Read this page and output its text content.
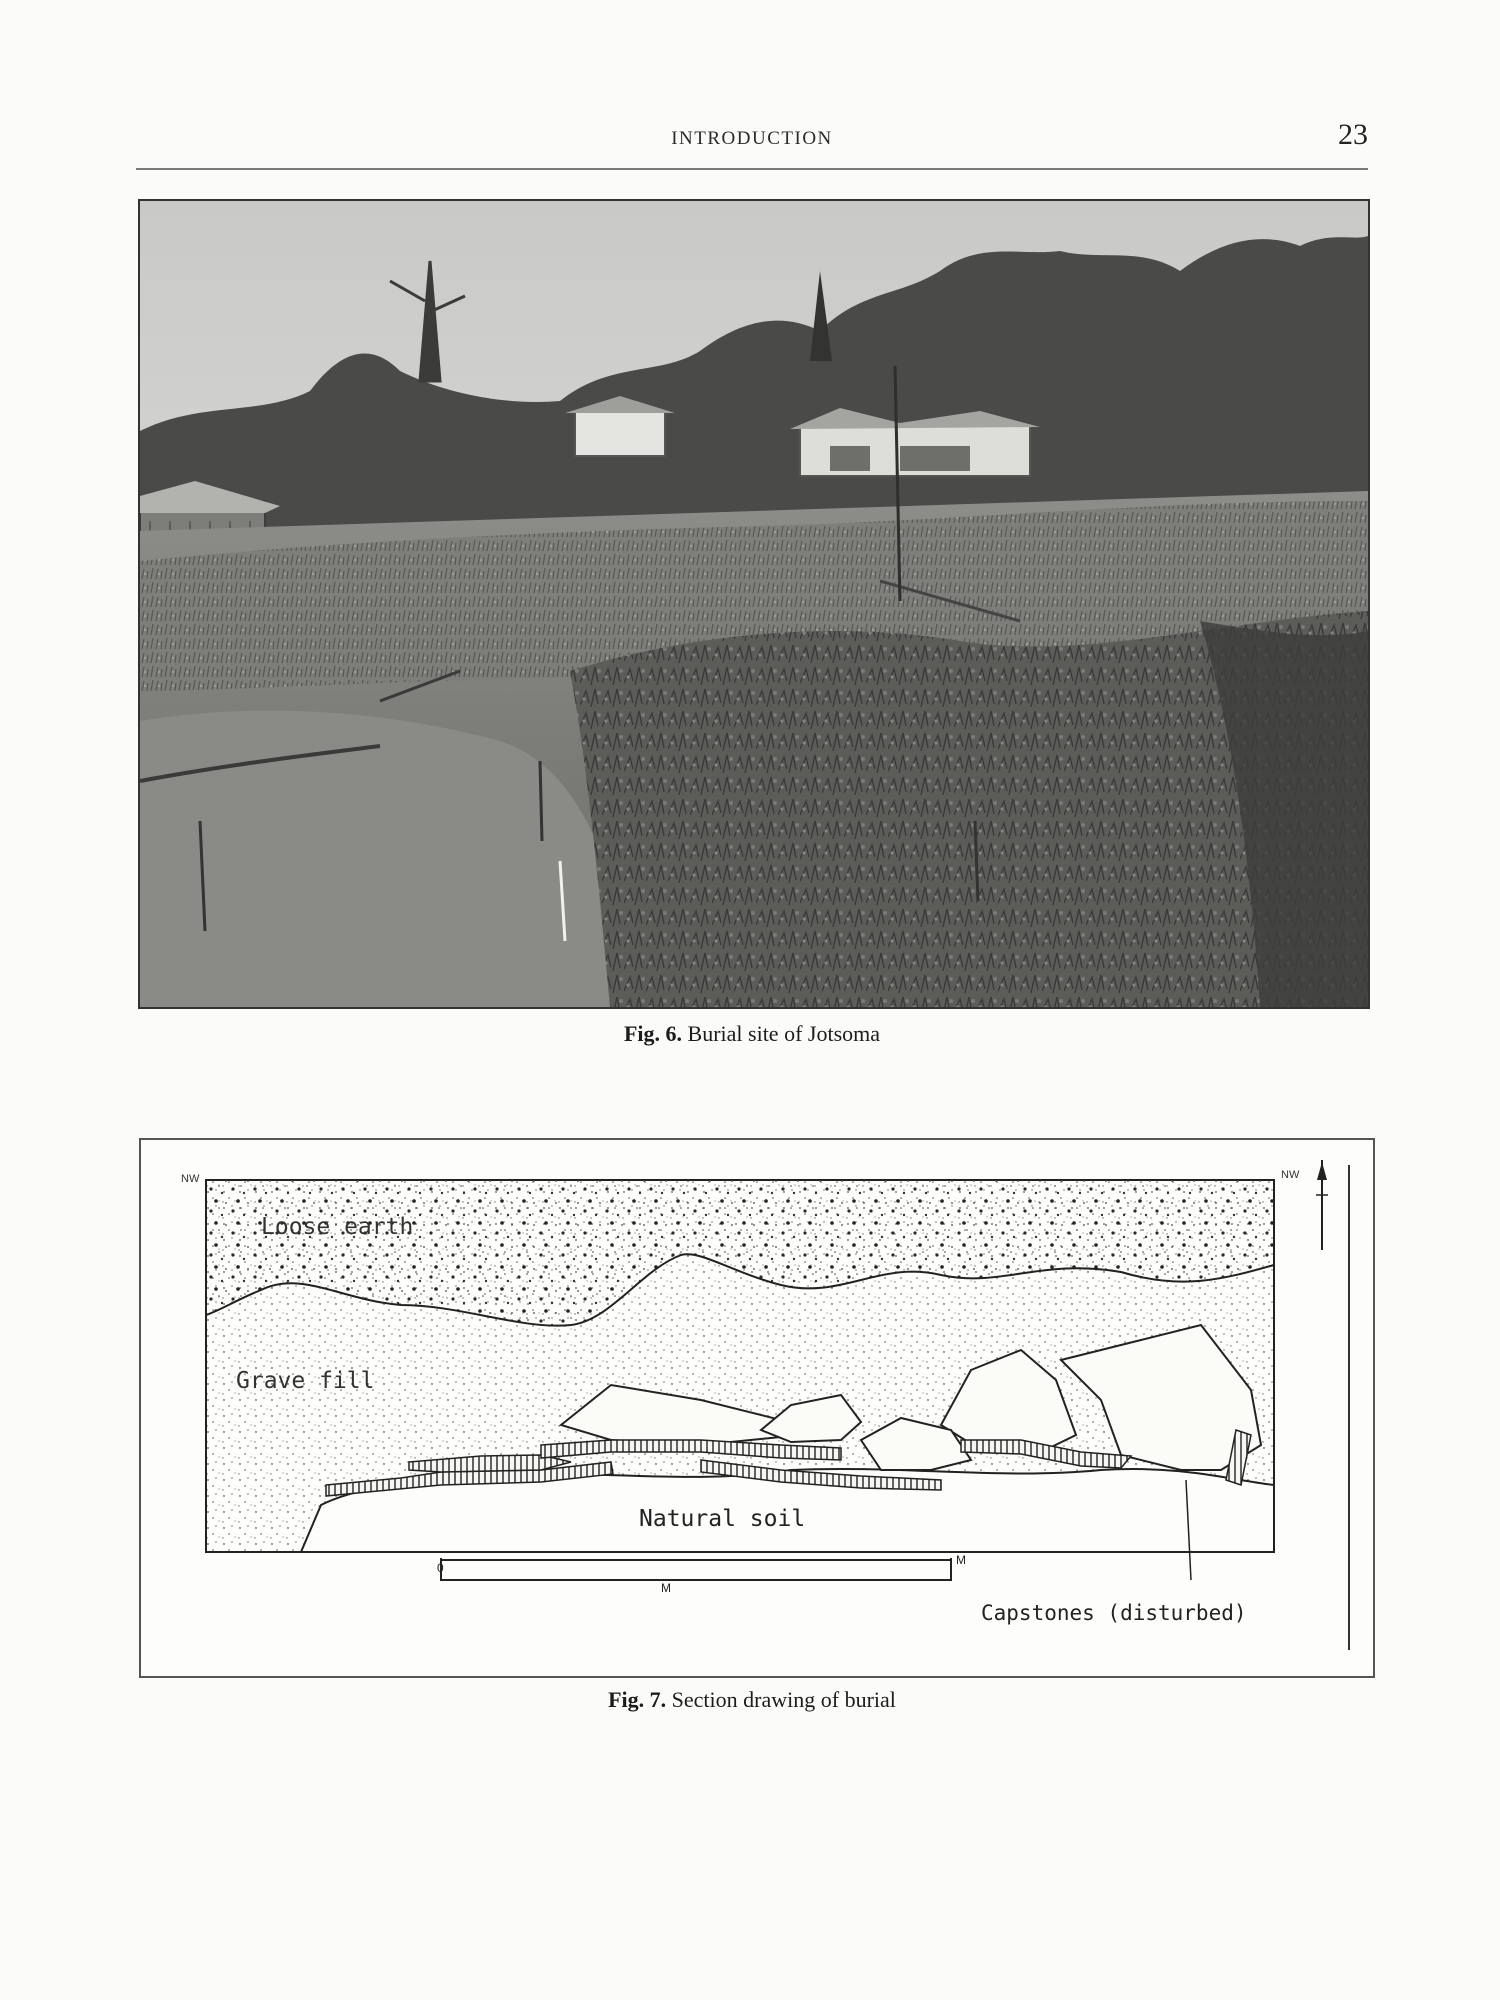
INTRODUCTION	23
Fig. 6. Burial site of Jotsoma
NW	NW
Loose earth
Grave fill
Natural soil
0
M
M
Capstones (disturbed)
Fig. 7. Section drawing of burial
